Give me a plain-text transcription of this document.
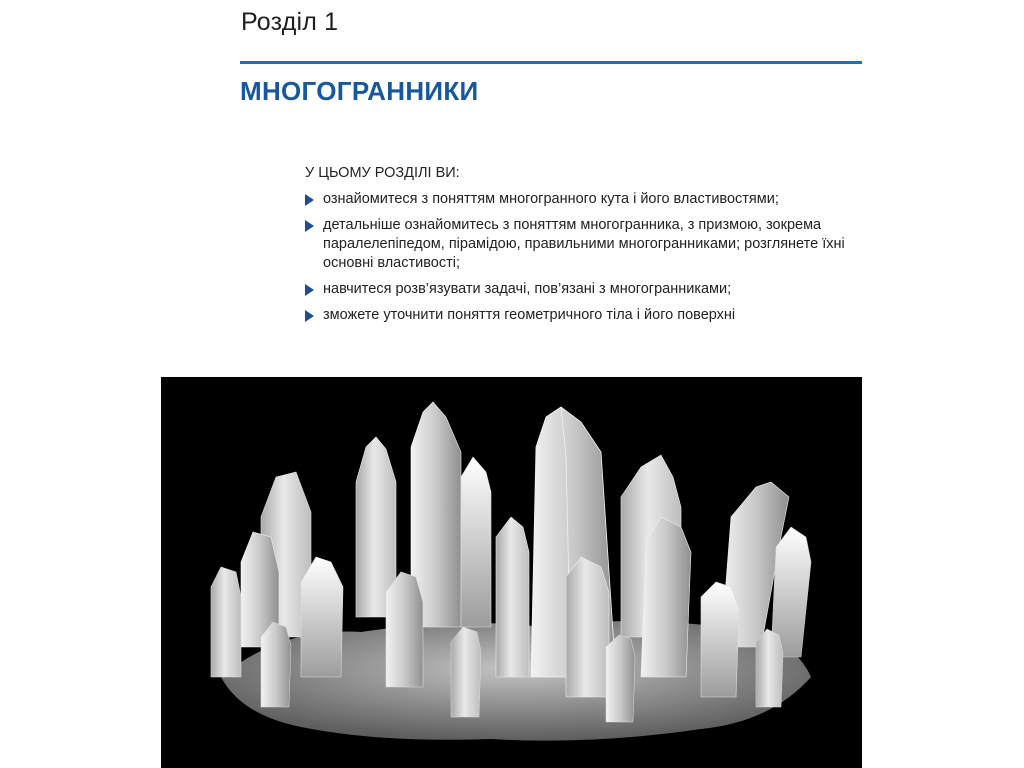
Розділ 1
МНОГОГРАННИКИ
У ЦЬОМУ РОЗДІЛІ ВИ:
ознайомитеся з поняттям многогранного кута і його властивостями;
детальніше ознайомитесь з поняттям многогранника, з призмою, зокрема паралелепіпедом, пірамідою, правильними многогранниками; розглянете їхні основні властивості;
навчитеся розв’язувати задачі, пов’язані з многогранниками;
зможете уточнити поняття геометричного тіла і його поверхні
